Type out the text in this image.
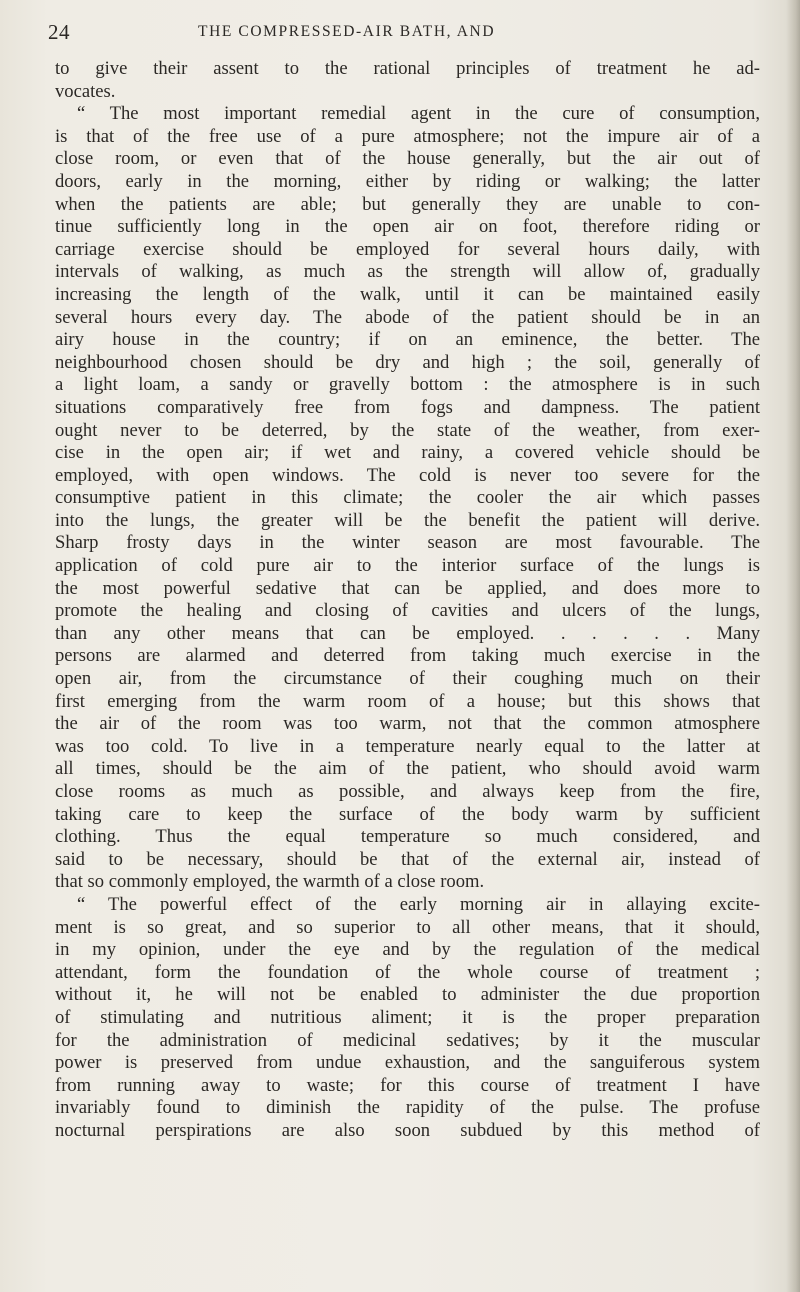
24	THE COMPRESSED-AIR BATH, AND
to give their assent to the rational principles of treatment he ad-
vocates.
“ The most important remedial agent in the cure of consumption,
is that of the free use of a pure atmosphere; not the impure air of a
close room, or even that of the house generally, but the air out of
doors, early in the morning, either by riding or walking; the latter
when the patients are able; but generally they are unable to con-
tinue sufficiently long in the open air on foot, therefore riding or
carriage exercise should be employed for several hours daily, with
intervals of walking, as much as the strength will allow of, gradually
increasing the length of the walk, until it can be maintained easily
several hours every day. The abode of the patient should be in an
airy house in the country; if on an eminence, the better. The
neighbourhood chosen should be dry and high ; the soil, generally of
a light loam, a sandy or gravelly bottom : the atmosphere is in such
situations comparatively free from fogs and dampness. The patient
ought never to be deterred, by the state of the weather, from exer-
cise in the open air; if wet and rainy, a covered vehicle should be
employed, with open windows. The cold is never too severe for the
consumptive patient in this climate; the cooler the air which passes
into the lungs, the greater will be the benefit the patient will derive.
Sharp frosty days in the winter season are most favourable. The
application of cold pure air to the interior surface of the lungs is
the most powerful sedative that can be applied, and does more to
promote the healing and closing of cavities and ulcers of the lungs,
than any other means that can be employed. . . . . . Many
persons are alarmed and deterred from taking much exercise in the
open air, from the circumstance of their coughing much on their
first emerging from the warm room of a house; but this shows that
the air of the room was too warm, not that the common atmosphere
was too cold. To live in a temperature nearly equal to the latter at
all times, should be the aim of the patient, who should avoid warm
close rooms as much as possible, and always keep from the fire,
taking care to keep the surface of the body warm by sufficient
clothing. Thus the equal temperature so much considered, and
said to be necessary, should be that of the external air, instead of
that so commonly employed, the warmth of a close room.
“ The powerful effect of the early morning air in allaying excite-
ment is so great, and so superior to all other means, that it should,
in my opinion, under the eye and by the regulation of the medical
attendant, form the foundation of the whole course of treatment ;
without it, he will not be enabled to administer the due proportion
of stimulating and nutritious aliment; it is the proper preparation
for the administration of medicinal sedatives; by it the muscular
power is preserved from undue exhaustion, and the sanguiferous system
from running away to waste; for this course of treatment I have
invariably found to diminish the rapidity of the pulse. The profuse
nocturnal perspirations are also soon subdued by this method of
